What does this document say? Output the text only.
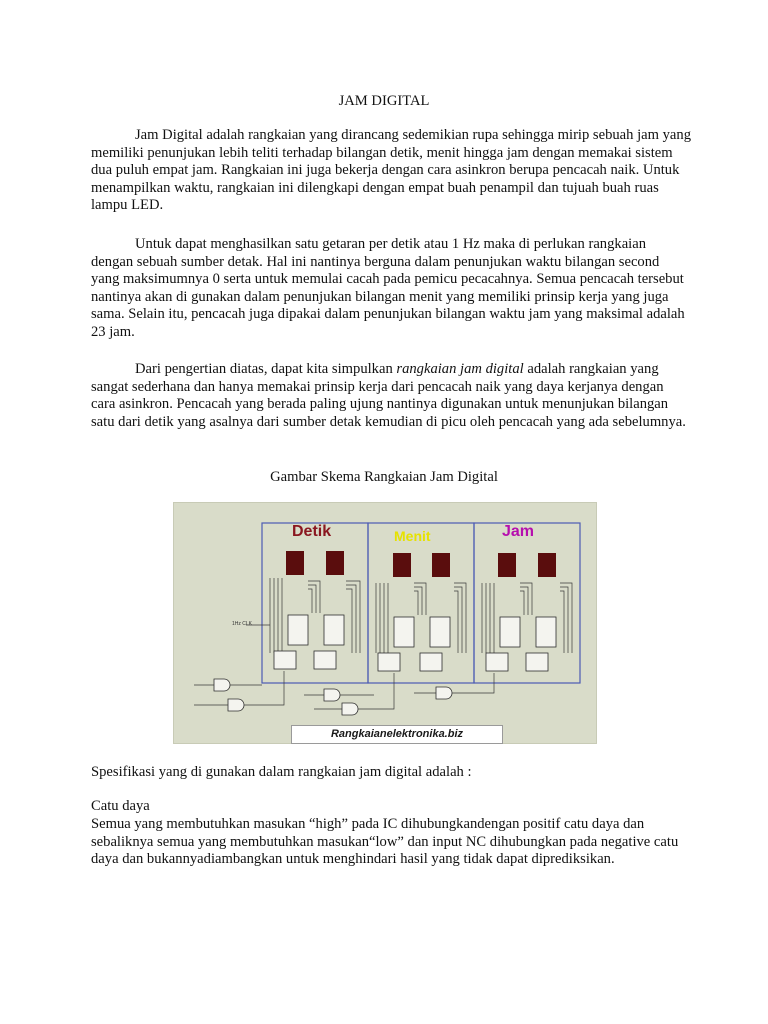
JAM DIGITAL

Jam Digital adalah rangkaian yang dirancang sedemikian rupa sehingga mirip sebuah jam yang memiliki penunjukan lebih teliti terhadap bilangan detik, menit hingga jam dengan memakai sistem dua puluh empat jam. Rangkaian ini juga bekerja dengan cara asinkron berupa pencacah naik. Untuk menampilkan waktu, rangkaian ini dilengkapi dengan empat buah penampil dan tujuah buah ruas lampu LED.

Untuk dapat menghasilkan satu getaran per detik atau 1 Hz maka di perlukan rangkaian dengan sebuah sumber detak. Hal ini nantinya berguna dalam penunjukan waktu bilangan second yang maksimumnya 0 serta untuk memulai cacah pada pemicu pecacahnya. Semua pencacah tersebut nantinya akan di gunakan dalam penunjukan bilangan menit yang memiliki prinsip kerja yang juga sama. Selain itu, pencacah juga dipakai dalam penunjukan bilangan waktu jam yang maksimal adalah 23 jam.

Dari pengertian diatas, dapat kita simpulkan rangkaian jam digital adalah rangkaian yang sangat sederhana dan hanya memakai prinsip kerja dari pencacah naik yang daya kerjanya dengan cara asinkron. Pencacah yang berada paling ujung nantinya digunakan untuk menunjukan bilangan satu dari detik yang asalnya dari sumber detak kemudian di picu oleh pencacah yang ada sebelumnya.

Gambar Skema Rangkaian Jam Digital
Detik	Menit	Jam
1Hz CLK
Rangkaianelektronika.biz
Spesifikasi yang di gunakan dalam rangkaian jam digital adalah :
Catu daya
Semua yang membutuhkan masukan “high” pada IC dihubungkandengan positif catu daya dan sebaliknya semua yang membutuhkan masukan“low” dan input NC dihubungkan pada negative catu daya dan bukannyadiambangkan untuk menghindari hasil yang tidak dapat diprediksikan.
